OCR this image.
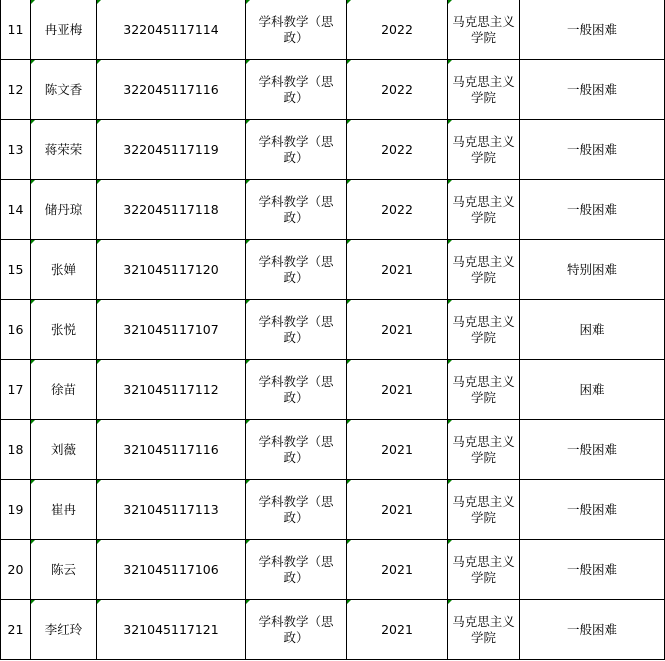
11	冉亚梅	322045117114	学科教学（思政）	2022	马克思主义学院	一般困难
12	陈文香	322045117116	学科教学（思政）	2022	马克思主义学院	一般困难
13	蒋荣荣	322045117119	学科教学（思政）	2022	马克思主义学院	一般困难
14	储丹琼	322045117118	学科教学（思政）	2022	马克思主义学院	一般困难
15	张婵	321045117120	学科教学（思政）	2021	马克思主义学院	特别困难
16	张悦	321045117107	学科教学（思政）	2021	马克思主义学院	困难
17	徐苗	321045117112	学科教学（思政）	2021	马克思主义学院	困难
18	刘薇	321045117116	学科教学（思政）	2021	马克思主义学院	一般困难
19	崔冉	321045117113	学科教学（思政）	2021	马克思主义学院	一般困难
20	陈云	321045117106	学科教学（思政）	2021	马克思主义学院	一般困难
21	李红玲	321045117121	学科教学（思政）	2021	马克思主义学院	一般困难
